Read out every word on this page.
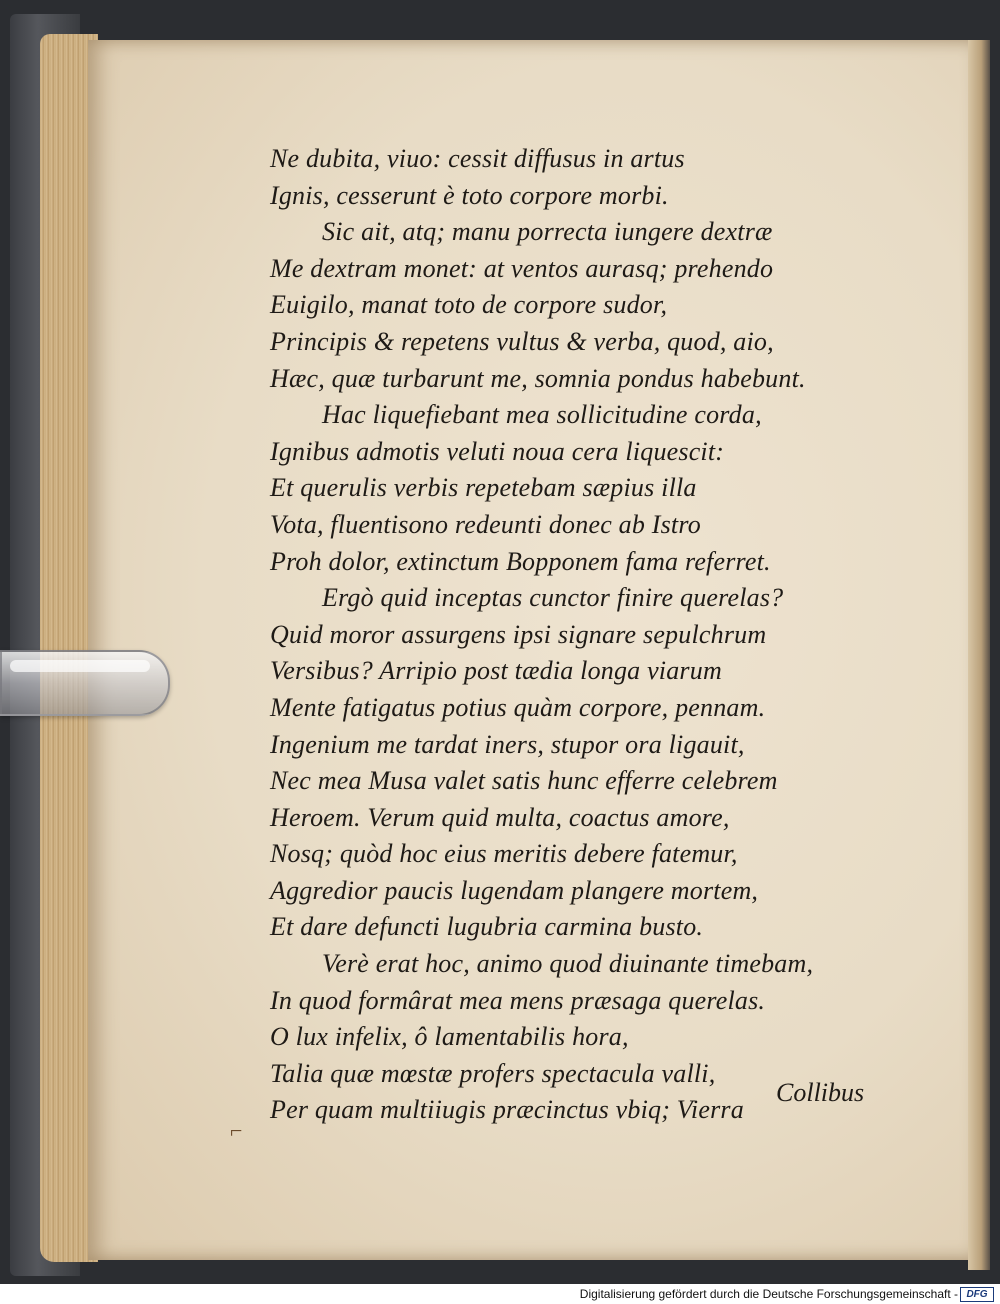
Ne dubita, viuo: cessit diffusus in artus
Ignis, cesserunt è toto corpore morbi.
Sic ait, atq; manu porrecta iungere dextræ
Me dextram monet: at ventos aurasq; prehendo
Euigilo, manat toto de corpore sudor,
Principis & repetens vultus & verba, quod, aio,
Hæc, quæ turbarunt me, somnia pondus habebunt.
Hac liquefiebant mea sollicitudine corda,
Ignibus admotis veluti noua cera liquescit:
Et querulis verbis repetebam sæpius illa
Vota, fluentisono redeunti donec ab Istro
Proh dolor, extinctum Bopponem fama referret.
Ergò quid inceptas cunctor finire querelas?
Quid moror assurgens ipsi signare sepulchrum
Versibus? Arripio post tædia longa viarum
Mente fatigatus potius quàm corpore, pennam.
Ingenium me tardat iners, stupor ora ligauit,
Nec mea Musa valet satis hunc efferre celebrem
Heroem. Verum quid multa, coactus amore,
Nosq; quòd hoc eius meritis debere fatemur,
Aggredior paucis lugendam plangere mortem,
Et dare defuncti lugubria carmina busto.
Verè erat hoc, animo quod diuinante timebam,
In quod formârat mea mens præsaga querelas.
O lux infelix, ô lamentabilis hora,
Talia quæ mœstæ profers spectacula valli,
Per quam multiiugis præcinctus vbiq; Vierra
Collibus
⌐
Digitalisierung gefördert durch die Deutsche Forschungsgemeinschaft - DFG
